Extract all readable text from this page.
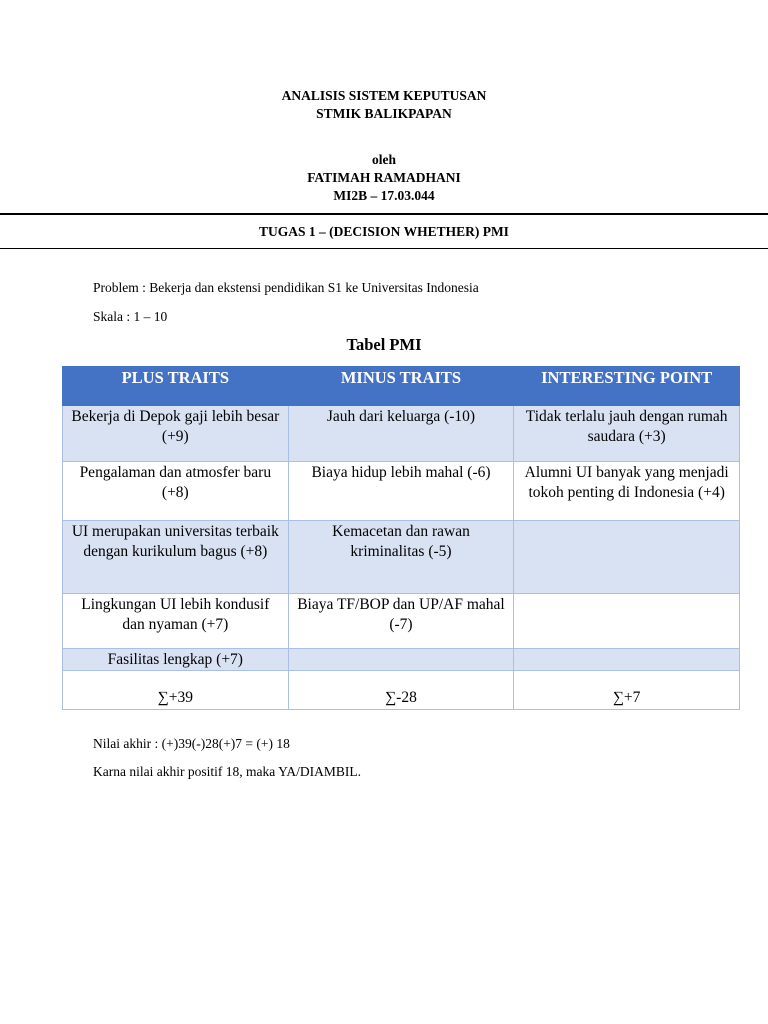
ANALISIS SISTEM KEPUTUSAN
STMIK BALIKPAPAN
oleh
FATIMAH RAMADHANI
MI2B – 17.03.044
TUGAS 1 – (DECISION WHETHER) PMI
Problem : Bekerja dan ekstensi pendidikan S1 ke Universitas Indonesia
Skala : 1 – 10
Tabel PMI
PLUS TRAITS	MINUS TRAITS	INTERESTING POINT
Bekerja di Depok gaji lebih besar (+9)	Jauh dari keluarga (-10)	Tidak terlalu jauh dengan rumah saudara (+3)
Pengalaman dan atmosfer baru (+8)	Biaya hidup lebih mahal (-6)	Alumni UI banyak yang menjadi tokoh penting di Indonesia (+4)
UI merupakan universitas terbaik dengan kurikulum bagus (+8)	Kemacetan dan rawan kriminalitas (-5)	
Lingkungan UI lebih kondusif dan nyaman (+7)	Biaya TF/BOP dan UP/AF mahal (-7)	
Fasilitas lengkap (+7)		
∑+39	∑-28	∑+7
Nilai akhir : (+)39(-)28(+)7 = (+) 18
Karna nilai akhir positif 18, maka YA/DIAMBIL.
